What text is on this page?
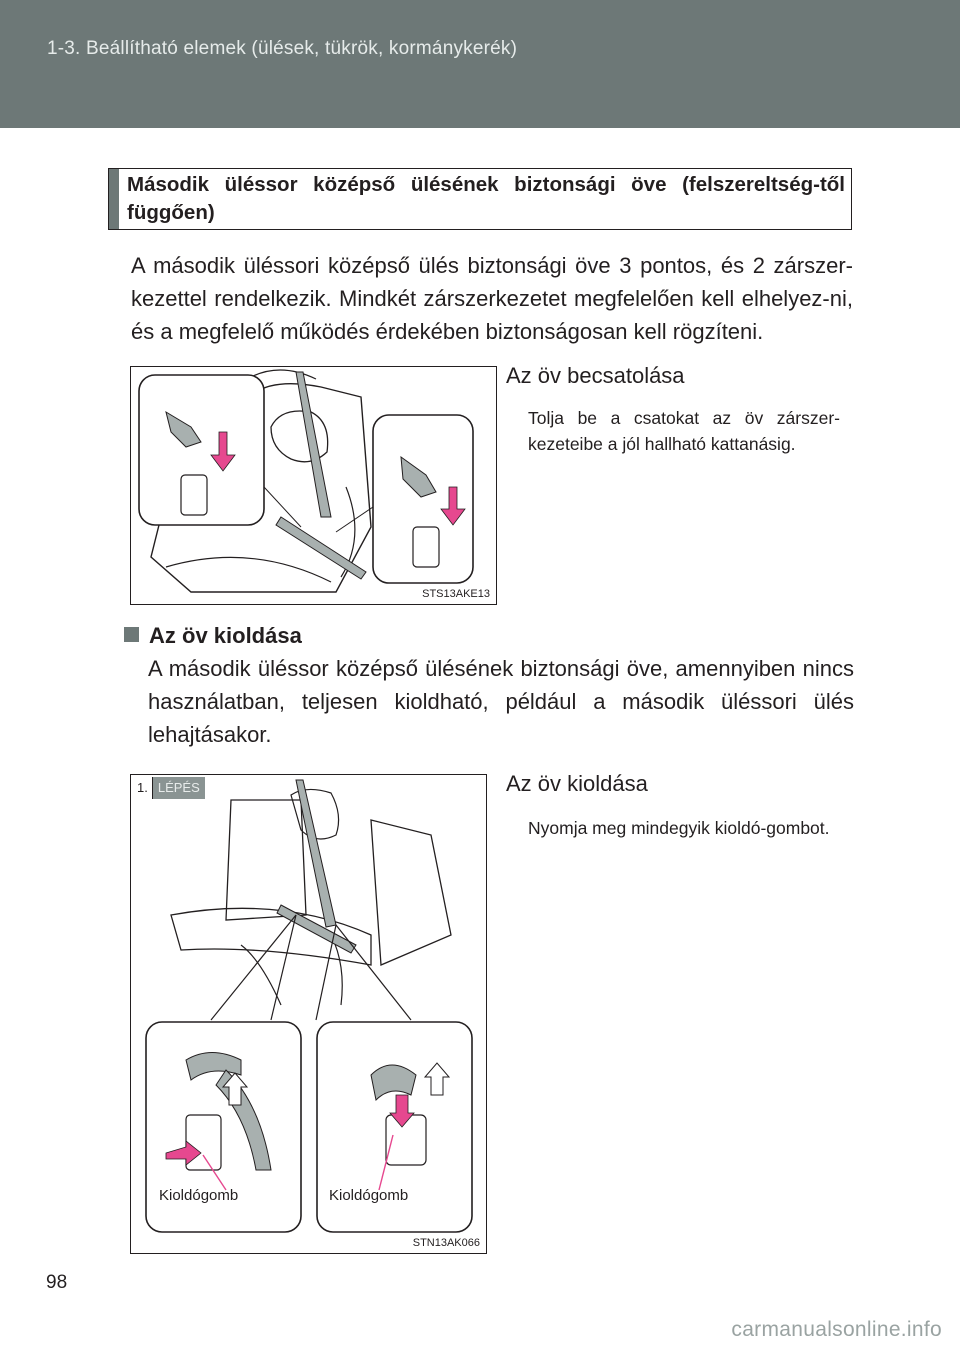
1-3. Beállítható elemek (ülések, tükrök, kormánykerék)
Második üléssor középső ülésének biztonsági öve (felszereltség-től függően)
A második üléssori középső ülés biztonsági öve 3 pontos, és 2 zárszer-kezettel rendelkezik. Mindkét zárszerkezetet megfelelően kell elhelyez-ni, és a megfelelő működés érdekében biztonságosan kell rögzíteni.
STS13AKE13
Az öv becsatolása
Tolja be a csatokat az öv zárszer-kezeteibe a jól hallható kattanásig.
Az öv kioldása
A második üléssor középső ülésének biztonsági öve, amennyiben nincs használatban, teljesen kioldható, például a második üléssori ülés lehajtásakor.
1. LÉPÉS
Kioldógomb	Kioldógomb
STN13AK066
Az öv kioldása
Nyomja meg mindegyik kioldó-gombot.
98
carmanualsonline.info
